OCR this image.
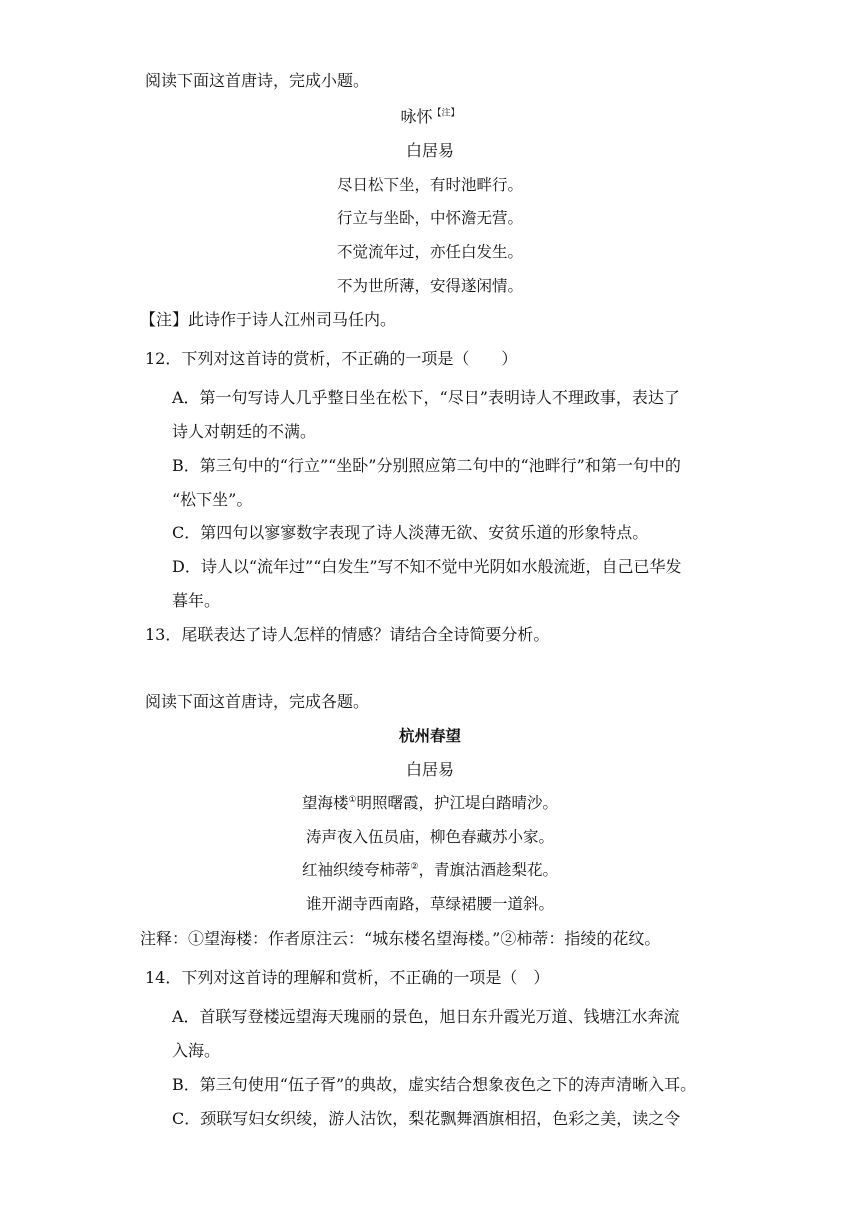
阅读下面这首唐诗，完成小题。
咏怀$^{【注】}$
白居易
尽日松下坐，有时池畔行。
行立与坐卧，中怀澹无营。
不觉流年过，亦任白发生。
不为世所薄，安得遂闲情。
【注】此诗作于诗人江州司马任内。
12．下列对这首诗的赏析，不正确的一项是（　　）
A．第一句写诗人几乎整日坐在松下，“尽日”表明诗人不理政事，表达了
诗人对朝廷的不满。
B．第三句中的“行立”“坐卧”分别照应第二句中的“池畔行”和第一句中的
“松下坐”。
C．第四句以寥寥数字表现了诗人淡薄无欲、安贫乐道的形象特点。
D．诗人以“流年过”“白发生”写不知不觉中光阴如水般流逝，自己已华发
暮年。
13．尾联表达了诗人怎样的情感？请结合全诗简要分析。
阅读下面这首唐诗，完成各题。
杭州春望
白居易
望海楼①明照曙霞，护江堤白踏晴沙。
涛声夜入伍员庙，柳色春藏苏小家。
红袖织绫夸柿蒂②，青旗沽酒趁梨花。
谁开湖寺西南路，草绿裙腰一道斜。
注释：①望海楼：作者原注云：“城东楼名望海楼。”②柿蒂：指绫的花纹。
14．下列对这首诗的理解和赏析，不正确的一项是（　）
A．首联写登楼远望海天瑰丽的景色，旭日东升霞光万道、钱塘江水奔流
入海。
B．第三句使用“伍子胥”的典故，虚实结合想象夜色之下的涛声清晰入耳。
C．颈联写妇女织绫，游人沽饮，梨花飘舞酒旗相招，色彩之美，读之令
